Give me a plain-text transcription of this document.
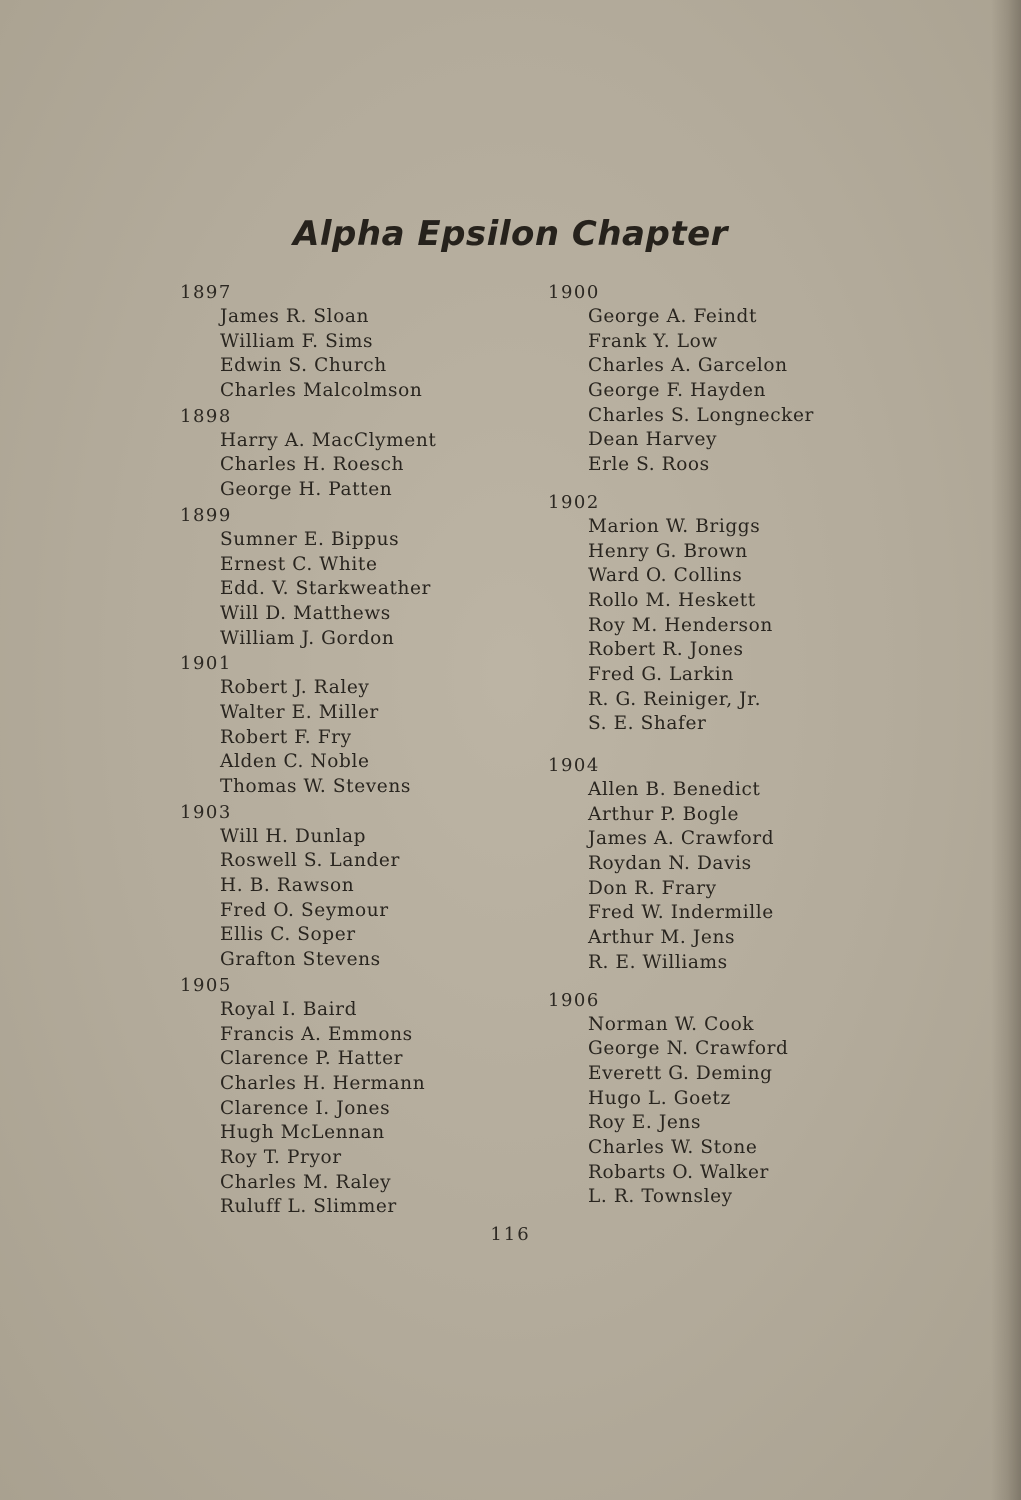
Alpha Epsilon Chapter
1897
James R. Sloan
William F. Sims
Edwin S. Church
Charles Malcolmson
1898
Harry A. MacClyment
Charles H. Roesch
George H. Patten
1899
Sumner E. Bippus
Ernest C. White
Edd. V. Starkweather
Will D. Matthews
William J. Gordon
1901
Robert J. Raley
Walter E. Miller
Robert F. Fry
Alden C. Noble
Thomas W. Stevens
1903
Will H. Dunlap
Roswell S. Lander
H. B. Rawson
Fred O. Seymour
Ellis C. Soper
Grafton Stevens
1905
Royal I. Baird
Francis A. Emmons
Clarence P. Hatter
Charles H. Hermann
Clarence I. Jones
Hugh McLennan
Roy T. Pryor
Charles M. Raley
Ruluff L. Slimmer
1900
George A. Feindt
Frank Y. Low
Charles A. Garcelon
George F. Hayden
Charles S. Longnecker
Dean Harvey
Erle S. Roos
1902
Marion W. Briggs
Henry G. Brown
Ward O. Collins
Rollo M. Heskett
Roy M. Henderson
Robert R. Jones
Fred G. Larkin
R. G. Reiniger, Jr.
S. E. Shafer
1904
Allen B. Benedict
Arthur P. Bogle
James A. Crawford
Roydan N. Davis
Don R. Frary
Fred W. Indermille
Arthur M. Jens
R. E. Williams
1906
Norman W. Cook
George N. Crawford
Everett G. Deming
Hugo L. Goetz
Roy E. Jens
Charles W. Stone
Robarts O. Walker
L. R. Townsley
116
